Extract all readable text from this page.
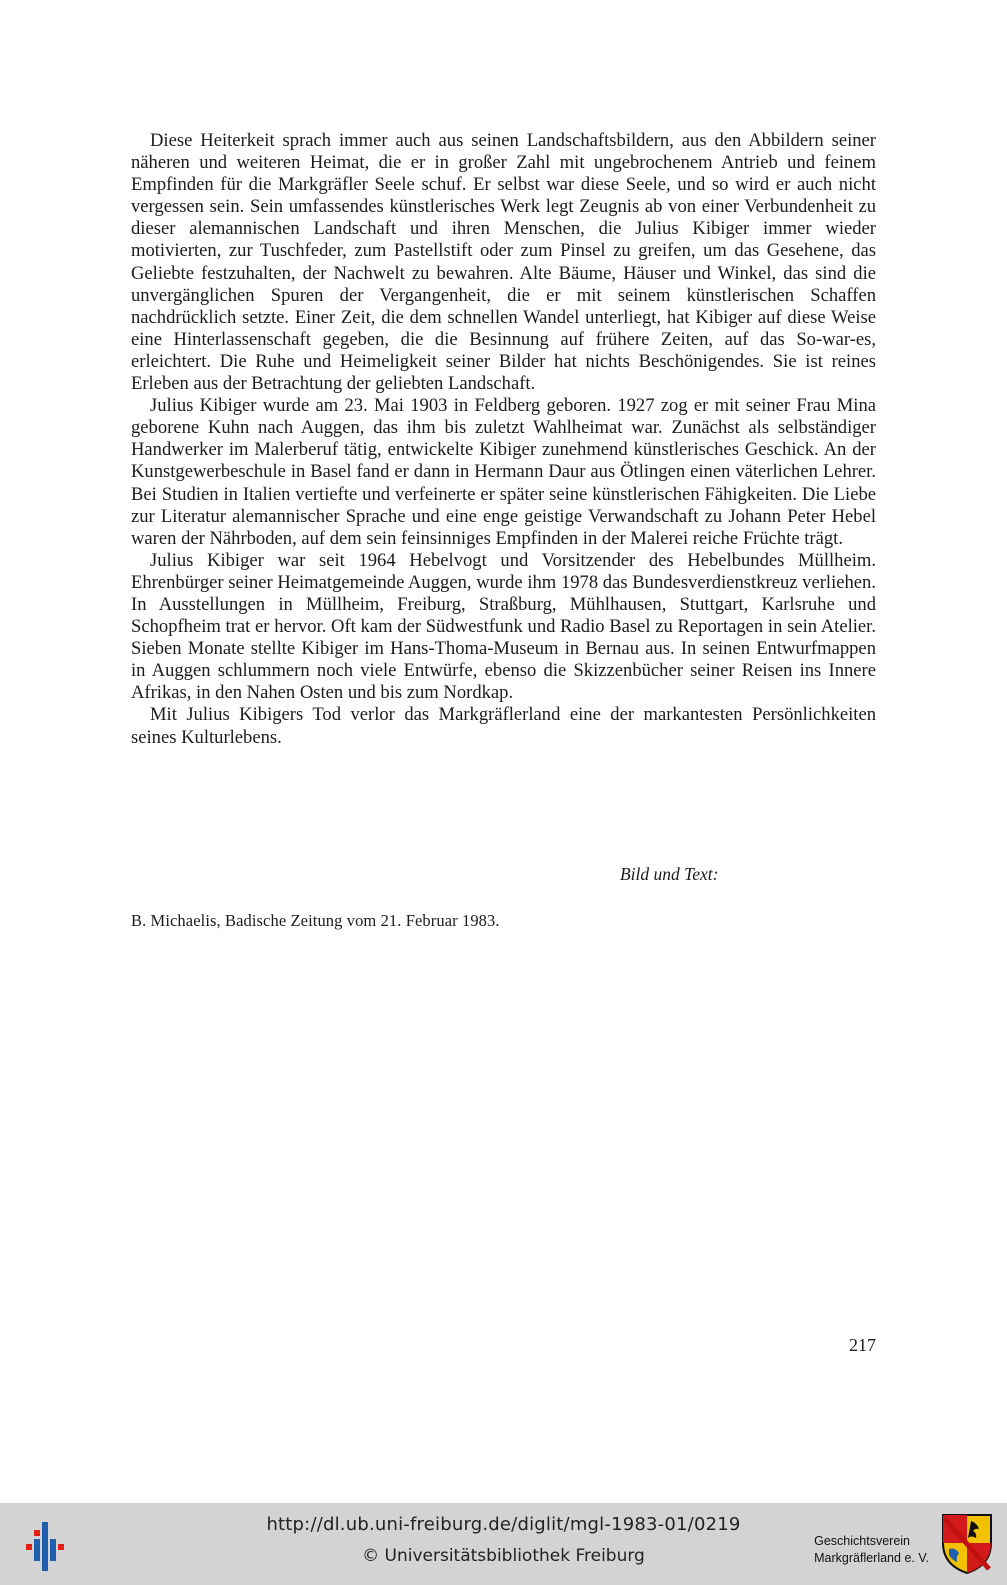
Diese Heiterkeit sprach immer auch aus seinen Landschaftsbildern, aus den Abbildern seiner näheren und weiteren Heimat, die er in großer Zahl mit ungebrochenem Antrieb und feinem Empfinden für die Markgräfler Seele schuf. Er selbst war diese Seele, und so wird er auch nicht vergessen sein. Sein umfassendes künstlerisches Werk legt Zeugnis ab von einer Verbundenheit zu dieser alemannischen Landschaft und ihren Menschen, die Julius Kibiger immer wieder motivierten, zur Tuschfeder, zum Pastellstift oder zum Pinsel zu greifen, um das Gesehene, das Geliebte festzuhalten, der Nachwelt zu bewahren. Alte Bäume, Häuser und Winkel, das sind die unvergänglichen Spuren der Vergangenheit, die er mit seinem künstlerischen Schaffen nachdrücklich setzte. Einer Zeit, die dem schnellen Wandel unterliegt, hat Kibiger auf diese Weise eine Hinterlassenschaft gegeben, die die Besinnung auf frühere Zeiten, auf das So-war-es, erleichtert. Die Ruhe und Heimeligkeit seiner Bilder hat nichts Beschönigendes. Sie ist reines Erleben aus der Betrachtung der geliebten Landschaft.

Julius Kibiger wurde am 23. Mai 1903 in Feldberg geboren. 1927 zog er mit seiner Frau Mina geborene Kuhn nach Auggen, das ihm bis zuletzt Wahlheimat war. Zunächst als selbständiger Handwerker im Malerberuf tätig, entwickelte Kibiger zunehmend künstlerisches Geschick. An der Kunstgewerbeschule in Basel fand er dann in Hermann Daur aus Ötlingen einen väterlichen Lehrer. Bei Studien in Italien vertiefte und verfeinerte er später seine künstlerischen Fähigkeiten. Die Liebe zur Literatur alemannischer Sprache und eine enge geistige Verwandschaft zu Johann Peter Hebel waren der Nährboden, auf dem sein feinsinniges Empfinden in der Malerei reiche Früchte trägt.

Julius Kibiger war seit 1964 Hebelvogt und Vorsitzender des Hebelbundes Müllheim. Ehrenbürger seiner Heimatgemeinde Auggen, wurde ihm 1978 das Bundesverdienstkreuz verliehen. In Ausstellungen in Müllheim, Freiburg, Straßburg, Mühlhausen, Stuttgart, Karlsruhe und Schopfheim trat er hervor. Oft kam der Südwestfunk und Radio Basel zu Reportagen in sein Atelier. Sieben Monate stellte Kibiger im Hans-Thoma-Museum in Bernau aus. In seinen Entwurfmappen in Auggen schlummern noch viele Entwürfe, ebenso die Skizzenbücher seiner Reisen ins Innere Afrikas, in den Nahen Osten und bis zum Nordkap.

Mit Julius Kibigers Tod verlor das Markgräflerland eine der markantesten Persönlichkeiten seines Kulturlebens.

Bild und Text:
B. Michaelis, Badische Zeitung vom 21. Februar 1983.
217
http://dl.ub.uni-freiburg.de/diglit/mgl-1983-01/0219
© Universitätsbibliothek Freiburg
Geschichtsverein
Markgräflerland e. V.
